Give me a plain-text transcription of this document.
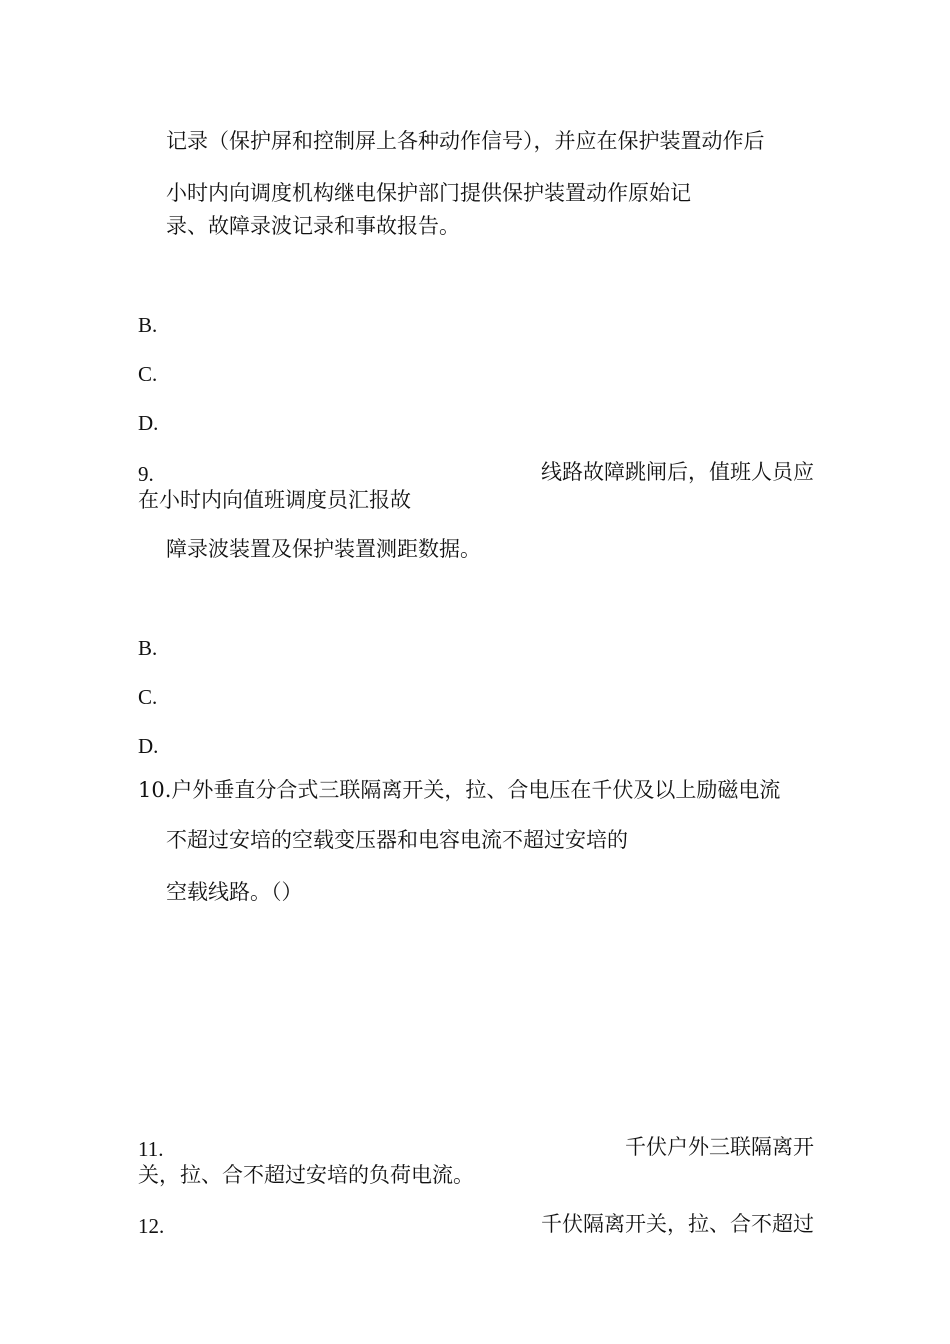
记录（保护屏和控制屏上各种动作信号），并应在保护装置动作后
小时内向调度机构继电保护部门提供保护装置动作原始记
录、故障录波记录和事故报告。
B.
C.
D.
9.	线路故障跳闸后，值班人员应
在小时内向值班调度员汇报故
障录波装置及保护装置测距数据。
B.
C.
D.
10.户外垂直分合式三联隔离开关，拉、合电压在千伏及以上励磁电流
不超过安培的空载变压器和电容电流不超过安培的
空载线路。（）
11.	千伏户外三联隔离开
关，拉、合不超过安培的负荷电流。
12.	千伏隔离开关，拉、合不超过
